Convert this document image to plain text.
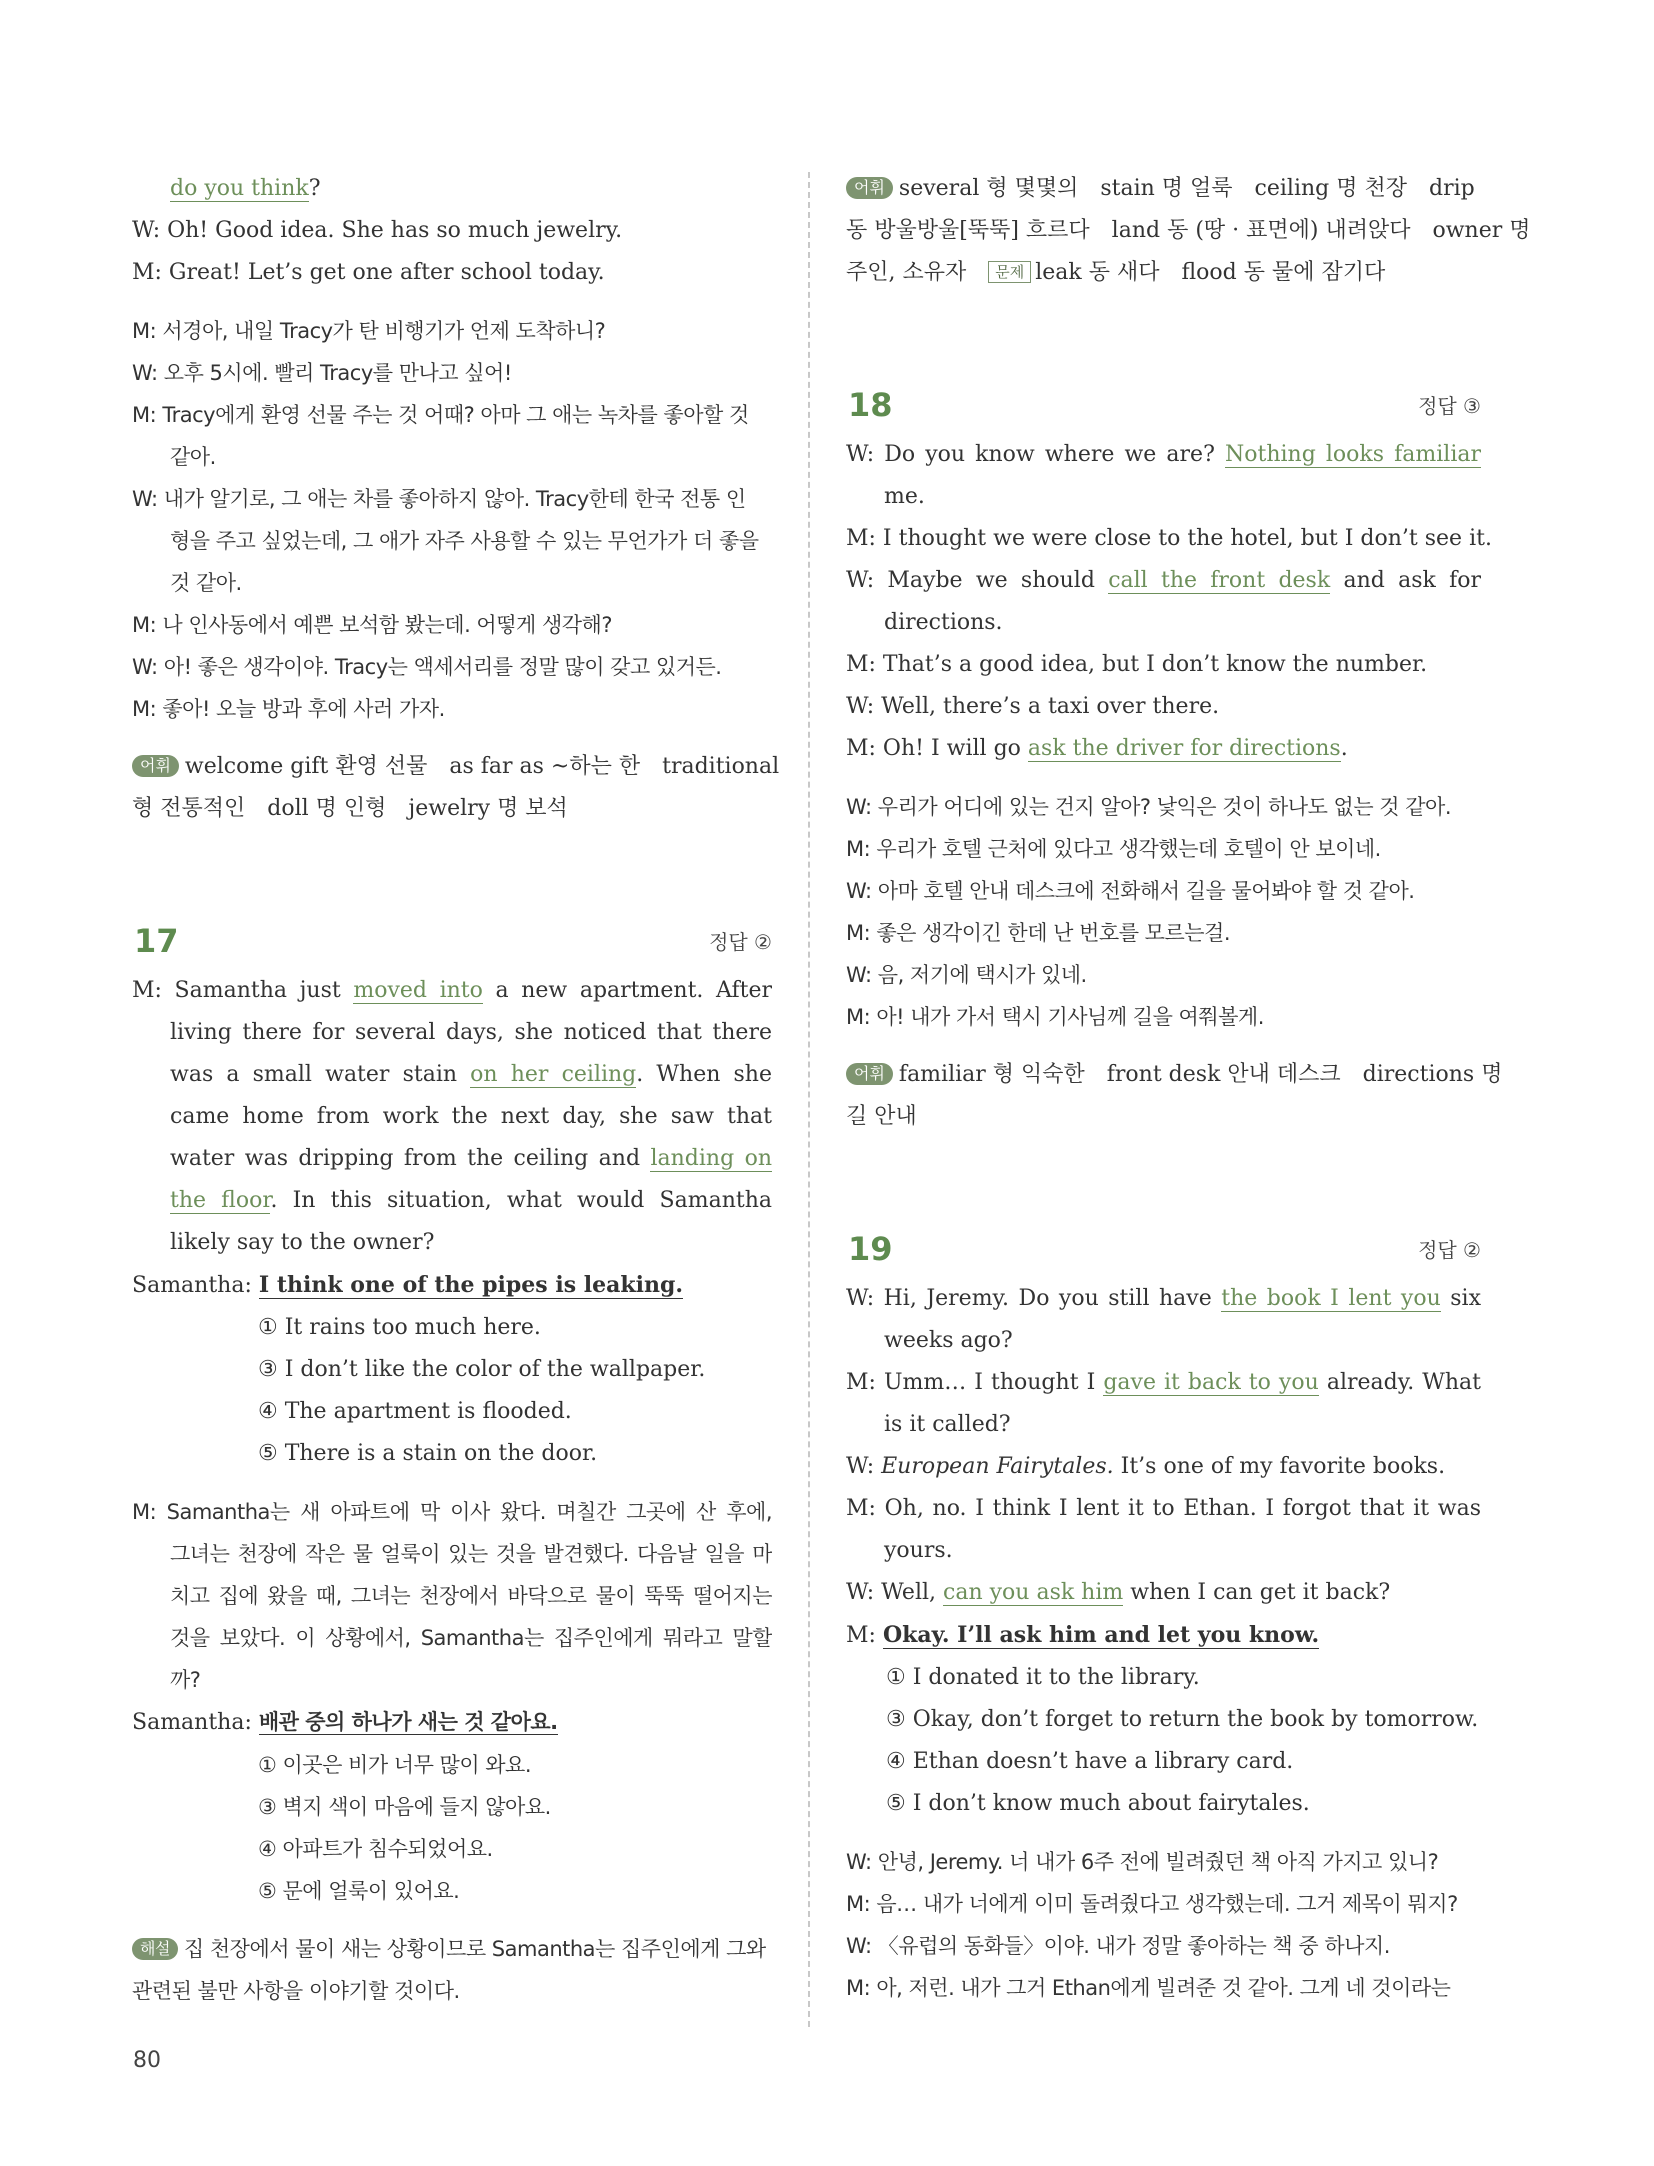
do you think?
W: Oh! Good idea. She has so much jewelry.
M: Great! Let’s get one after school today.
M: 서경아, 내일 Tracy가 탄 비행기가 언제 도착하니?
W: 오후 5시에. 빨리 Tracy를 만나고 싶어!
M: Tracy에게 환영 선물 주는 것 어때? 아마 그 애는 녹차를 좋아할 것
같아.
W: 내가 알기로, 그 애는 차를 좋아하지 않아. Tracy한테 한국 전통 인
형을 주고 싶었는데, 그 애가 자주 사용할 수 있는 무언가가 더 좋을
것 같아.
M: 나 인사동에서 예쁜 보석함 봤는데. 어떻게 생각해?
W: 아! 좋은 생각이야. Tracy는 액세서리를 정말 많이 갖고 있거든.
M: 좋아! 오늘 방과 후에 사러 가자.
어휘 welcome gift 환영 선물　as far as ~하는 한　traditional
형 전통적인　doll 명 인형　jewelry 명 보석
17	정답 ②
M: Samantha just moved into a new apartment. After
living there for several days, she noticed that there
was a small water stain on her ceiling. When she
came home from work the next day, she saw that
water was dripping from the ceiling and landing on
the floor. In this situation, what would Samantha
likely say to the owner?
Samantha: I think one of the pipes is leaking.
① It rains too much here.
③ I don’t like the color of the wallpaper.
④ The apartment is flooded.
⑤ There is a stain on the door.
M: Samantha는 새 아파트에 막 이사 왔다. 며칠간 그곳에 산 후에,
그녀는 천장에 작은 물 얼룩이 있는 것을 발견했다. 다음날 일을 마
치고 집에 왔을 때, 그녀는 천장에서 바닥으로 물이 뚝뚝 떨어지는
것을 보았다. 이 상황에서, Samantha는 집주인에게 뭐라고 말할
까?
Samantha: 배관 중의 하나가 새는 것 같아요.
① 이곳은 비가 너무 많이 와요.
③ 벽지 색이 마음에 들지 않아요.
④ 아파트가 침수되었어요.
⑤ 문에 얼룩이 있어요.
해설 집 천장에서 물이 새는 상황이므로 Samantha는 집주인에게 그와
관련된 불만 사항을 이야기할 것이다.
어휘 several 형 몇몇의　stain 명 얼룩　ceiling 명 천장　drip
동 방울방울[뚝뚝] 흐르다　land 동 (땅 · 표면에) 내려앉다　owner 명
주인, 소유자　문제 leak 동 새다　flood 동 물에 잠기다
18	정답 ③
W: Do you know where we are? Nothing looks familiar
me.
M: I thought we were close to the hotel, but I don’t see it.
W: Maybe we should call the front desk and ask for
directions.
M: That’s a good idea, but I don’t know the number.
W: Well, there’s a taxi over there.
M: Oh! I will go ask the driver for directions.
W: 우리가 어디에 있는 건지 알아? 낯익은 것이 하나도 없는 것 같아.
M: 우리가 호텔 근처에 있다고 생각했는데 호텔이 안 보이네.
W: 아마 호텔 안내 데스크에 전화해서 길을 물어봐야 할 것 같아.
M: 좋은 생각이긴 한데 난 번호를 모르는걸.
W: 음, 저기에 택시가 있네.
M: 아! 내가 가서 택시 기사님께 길을 여쭤볼게.
어휘 familiar 형 익숙한　front desk 안내 데스크　directions 명
길 안내
19	정답 ②
W: Hi, Jeremy. Do you still have the book I lent you six
weeks ago?
M: Umm… I thought I gave it back to you already. What
is it called?
W: European Fairytales. It’s one of my favorite books.
M: Oh, no. I think I lent it to Ethan. I forgot that it was
yours.
W: Well, can you ask him when I can get it back?
M: Okay. I’ll ask him and let you know.
① I donated it to the library.
③ Okay, don’t forget to return the book by tomorrow.
④ Ethan doesn’t have a library card.
⑤ I don’t know much about fairytales.
W: 안녕, Jeremy. 너 내가 6주 전에 빌려줬던 책 아직 가지고 있니?
M: 음… 내가 너에게 이미 돌려줬다고 생각했는데. 그거 제목이 뭐지?
W: 〈유럽의 동화들〉이야. 내가 정말 좋아하는 책 중 하나지.
M: 아, 저런. 내가 그거 Ethan에게 빌려준 것 같아. 그게 네 것이라는
80
